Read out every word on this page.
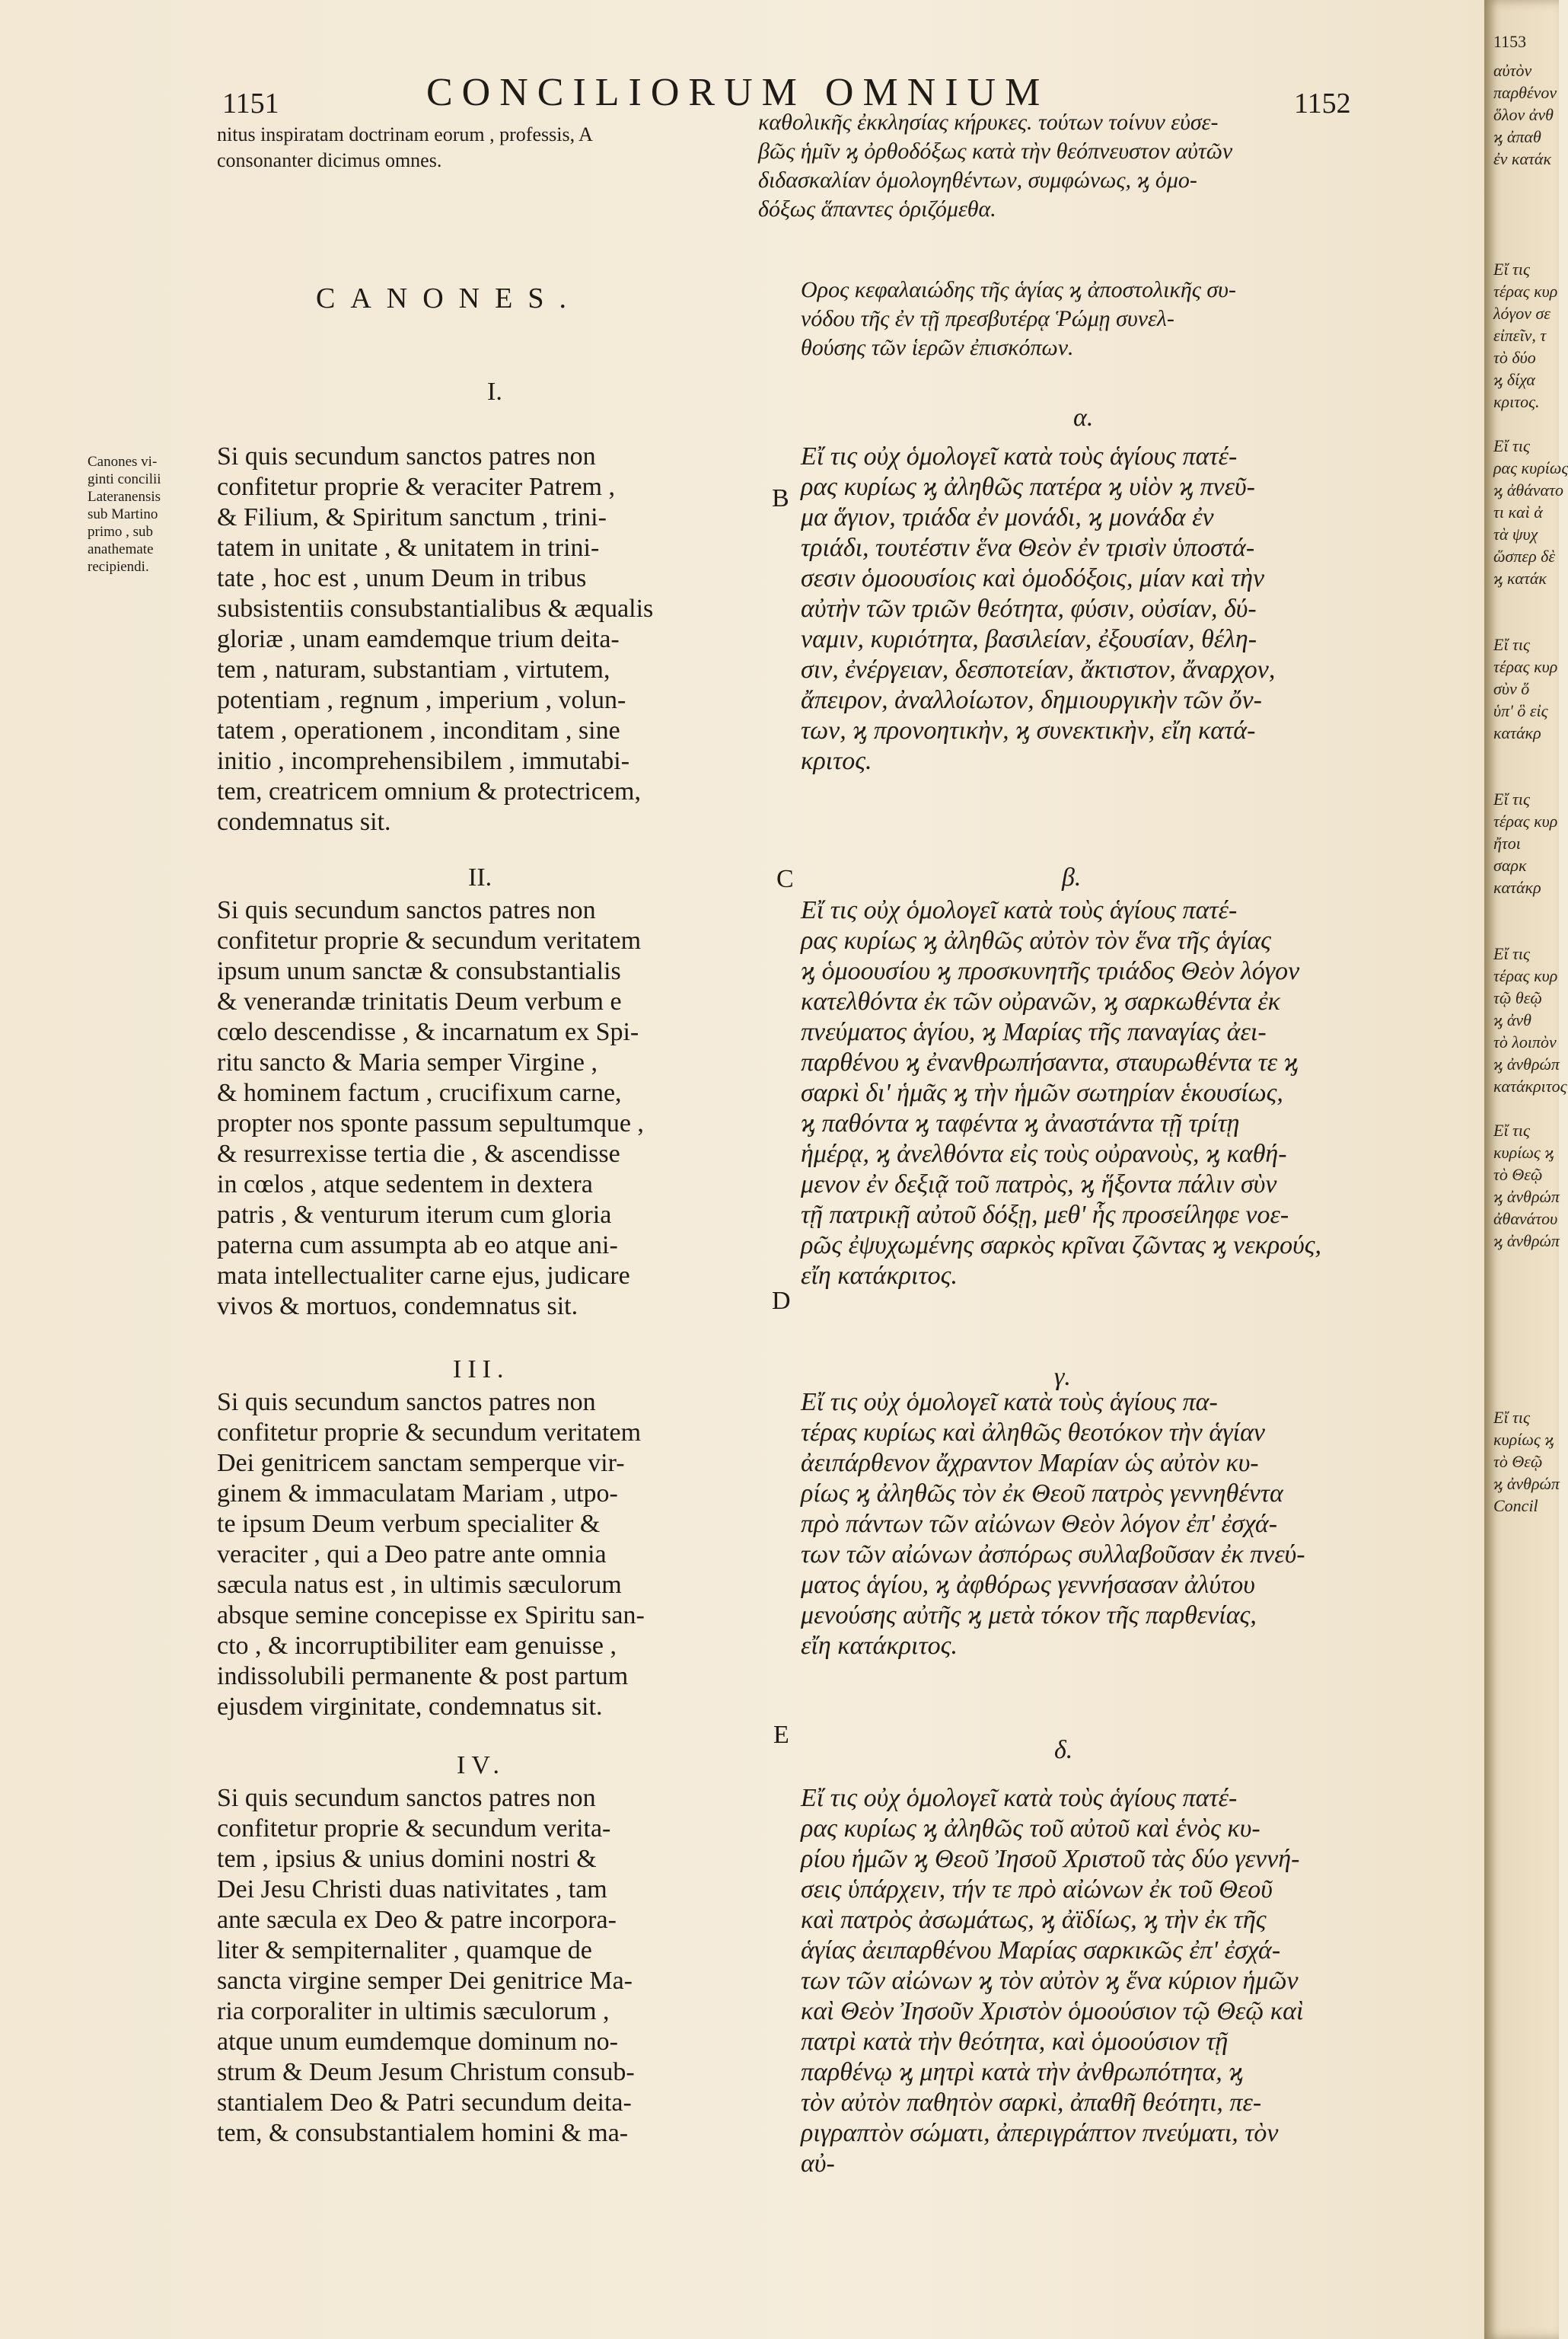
1151	CONCILIORUM OMNIUM	1152
nitus inspiratam doctrinam eorum , professis, A
consonanter dicimus omnes.
καθολικῆς ἐκκλησίας κήρυκες. τούτων τοίνυν εὐσε-
βῶς ἡμῖν ϗ ὀρθοδόξως κατὰ τὴν θεόπνευστον αὐτῶν
διδασκαλίαν ὁμολογηθέντων, συμφώνως, ϗ ὁμο-
δόξως ἅπαντες ὁριζόμεθα.
CANONES.	Ορος κεφαλαιώδης τῆς ἁγίας ϗ ἀποστολικῆς συ-
νόδου τῆς ἐν τῇ πρεσβυτέρᾳ Ῥώμῃ συνελ-
θούσης τῶν ἱερῶν ἐπισκόπων.
Canones vi-
ginti concilii
Lateranensis
sub Martino
primo , sub
anathemate
recipiendi.
B
C
D
E
I.
α.
Si quis secundum sanctos patres non
confitetur proprie & veraciter Patrem ,
& Filium, & Spiritum sanctum , trini-
tatem in unitate , & unitatem in trini-
tate , hoc est , unum Deum in tribus
subsistentiis consubstantialibus & æqualis
gloriæ , unam eamdemque trium deita-
tem , naturam, substantiam , virtutem,
potentiam , regnum , imperium , volun-
tatem , operationem , inconditam , sine
initio , incomprehensibilem , immutabi-
tem, creatricem omnium & protectricem,
condemnatus sit.
Εἴ τις οὐχ ὁμολογεῖ κατὰ τοὺς ἁγίους πατέ-
ρας κυρίως ϗ ἀληθῶς πατέρα ϗ υἱὸν ϗ πνεῦ-
μα ἅγιον, τριάδα ἐν μονάδι, ϗ μονάδα ἐν
τριάδι, τουτέστιν ἕνα Θεὸν ἐν τρισὶν ὑποστά-
σεσιν ὁμοουσίοις καὶ ὁμοδόξοις, μίαν καὶ τὴν
αὐτὴν τῶν τριῶν θεότητα, φύσιν, οὐσίαν, δύ-
ναμιν, κυριότητα, βασιλείαν, ἐξουσίαν, θέλη-
σιν, ἐνέργειαν, δεσποτείαν, ἄκτιστον, ἄναρχον,
ἄπειρον, ἀναλλοίωτον, δημιουργικὴν τῶν ὄν-
των, ϗ προνοητικὴν, ϗ συνεκτικὴν, εἴη κατά-
κριτος.
II.	β.
Si quis secundum sanctos patres non
confitetur proprie & secundum veritatem
ipsum unum sanctæ & consubstantialis
& venerandæ trinitatis Deum verbum e
cœlo descendisse , & incarnatum ex Spi-
ritu sancto & Maria semper Virgine ,
& hominem factum , crucifixum carne,
propter nos sponte passum sepultumque ,
& resurrexisse tertia die , & ascendisse
in cœlos , atque sedentem in dextera
patris , & venturum iterum cum gloria
paterna cum assumpta ab eo atque ani-
mata intellectualiter carne ejus, judicare
vivos & mortuos, condemnatus sit.
Εἴ τις οὐχ ὁμολογεῖ κατὰ τοὺς ἁγίους πατέ-
ρας κυρίως ϗ ἀληθῶς αὐτὸν τὸν ἕνα τῆς ἁγίας
ϗ ὁμοουσίου ϗ προσκυνητῆς τριάδος Θεὸν λόγον
κατελθόντα ἐκ τῶν οὐρανῶν, ϗ σαρκωθέντα ἐκ
πνεύματος ἁγίου, ϗ Μαρίας τῆς παναγίας ἀει-
παρθένου ϗ ἐνανθρωπήσαντα, σταυρωθέντα τε ϗ
σαρκὶ δι' ἡμᾶς ϗ τὴν ἡμῶν σωτηρίαν ἑκουσίως,
ϗ παθόντα ϗ ταφέντα ϗ ἀναστάντα τῇ τρίτῃ
ἡμέρᾳ, ϗ ἀνελθόντα εἰς τοὺς οὐρανοὺς, ϗ καθή-
μενον ἐν δεξιᾷ τοῦ πατρὸς, ϗ ἥξοντα πάλιν σὺν
τῇ πατρικῇ αὐτοῦ δόξῃ, μεθ' ἧς προσείληφε νοε-
ρῶς ἐψυχωμένης σαρκὸς κρῖναι ζῶντας ϗ νεκρούς,
εἴη κατάκριτος.
III.	γ.
Si quis secundum sanctos patres non
confitetur proprie & secundum veritatem
Dei genitricem sanctam semperque vir-
ginem & immaculatam Mariam , utpo-
te ipsum Deum verbum specialiter &
veraciter , qui a Deo patre ante omnia
sæcula natus est , in ultimis sæculorum
absque semine concepisse ex Spiritu san-
cto , & incorruptibiliter eam genuisse ,
indissolubili permanente & post partum
ejusdem virginitate, condemnatus sit.
Εἴ τις οὐχ ὁμολογεῖ κατὰ τοὺς ἁγίους πα-
τέρας κυρίως καὶ ἀληθῶς θεοτόκον τὴν ἁγίαν
ἀειπάρθενον ἄχραντον Μαρίαν ὡς αὐτὸν κυ-
ρίως ϗ ἀληθῶς τὸν ἐκ Θεοῦ πατρὸς γεννηθέντα
πρὸ πάντων τῶν αἰώνων Θεὸν λόγον ἐπ' ἐσχά-
των τῶν αἰώνων ἀσπόρως συλλαβοῦσαν ἐκ πνεύ-
ματος ἁγίου, ϗ ἀφθόρως γεννήσασαν ἀλύτου
μενούσης αὐτῆς ϗ μετὰ τόκον τῆς παρθενίας,
εἴη κατάκριτος.
IV.
δ.
Si quis secundum sanctos patres non
confitetur proprie & secundum verita-
tem , ipsius & unius domini nostri &
Dei Jesu Christi duas nativitates , tam
ante sæcula ex Deo & patre incorpora-
liter & sempiternaliter , quamque de
sancta virgine semper Dei genitrice Ma-
ria corporaliter in ultimis sæculorum ,
atque unum eumdemque dominum no-
strum & Deum Jesum Christum consub-
stantialem Deo & Patri secundum deita-
tem, & consubstantialem homini & ma-
Εἴ τις οὐχ ὁμολογεῖ κατὰ τοὺς ἁγίους πατέ-
ρας κυρίως ϗ ἀληθῶς τοῦ αὐτοῦ καὶ ἑνὸς κυ-
ρίου ἡμῶν ϗ Θεοῦ Ἰησοῦ Χριστοῦ τὰς δύο γεννή-
σεις ὑπάρχειν, τήν τε πρὸ αἰώνων ἐκ τοῦ Θεοῦ
καὶ πατρὸς ἀσωμάτως, ϗ ἀϊδίως, ϗ τὴν ἐκ τῆς
ἁγίας ἀειπαρθένου Μαρίας σαρκικῶς ἐπ' ἐσχά-
των τῶν αἰώνων ϗ τὸν αὐτὸν ϗ ἕνα κύριον ἡμῶν
καὶ Θεὸν Ἰησοῦν Χριστὸν ὁμοούσιον τῷ Θεῷ καὶ
πατρὶ κατὰ τὴν θεότητα, καὶ ὁμοούσιον τῇ
παρθένῳ ϗ μητρὶ κατὰ τὴν ἀνθρωπότητα, ϗ
τὸν αὐτὸν παθητὸν σαρκὶ, ἀπαθῆ θεότητι, πε-
ριγραπτὸν σώματι, ἀπεριγράπτον πνεύματι, τὸν
αὐ-
1153
αὐτὸν
παρθένον
ὅλον ἀνθ
ϗ ἀπαθ
ἐν κατάκ
Εἴ τις
τέρας κυρ
λόγον σε
εἰπεῖν, τ
τὸ δύο
ϗ δίχα
κριτος.
Εἴ τις
ρας κυρίως
ϗ ἀθάνατο
τι καὶ ἀ
τὰ ψυχ
ὥσπερ δὲ
ϗ κατάκ
Εἴ τις
τέρας κυρ
σὺν ὅ
ὑπ' ὃ εἰς
κατάκρ
Εἴ τις
τέρας κυρ
ἤτοι
σαρκ
κατάκρ
Εἴ τις
τέρας κυρ
τῷ θεῷ
ϗ ἀνθ
τὸ λοιπὸν
ϗ ἀνθρώπ
κατάκριτος
Εἴ τις
κυρίως ϗ
τὸ Θεῷ
ϗ ἀνθρώπ
ἀθανάτου
ϗ ἀνθρώπ
Εἴ τις
κυρίως ϗ
τὸ Θεῷ
ϗ ἀνθρώπ
Concil
